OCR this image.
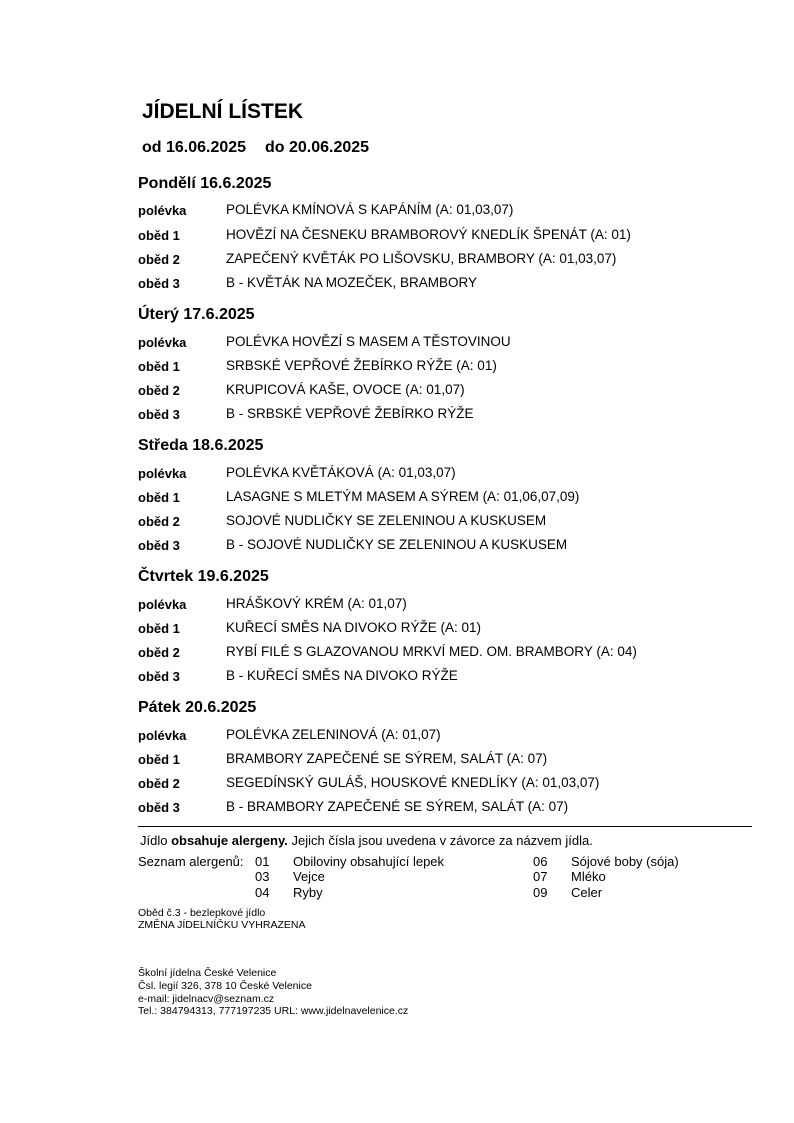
JÍDELNÍ LÍSTEK
od 16.06.2025 do 20.06.2025
Pondělí 16.6.2025
polévka	POLÉVKA KMÍNOVÁ S KAPÁNÍM (A: 01,03,07)
oběd 1	HOVĚZÍ NA ČESNEKU BRAMBOROVÝ KNEDLÍK ŠPENÁT (A: 01)
oběd 2	ZAPEČENÝ KVĚTÁK PO LIŠOVSKU, BRAMBORY (A: 01,03,07)
oběd 3	B - KVĚTÁK NA MOZEČEK, BRAMBORY
Úterý 17.6.2025
polévka	POLÉVKA HOVĚZÍ S MASEM A TĚSTOVINOU
oběd 1	SRBSKÉ VEPŘOVÉ ŽEBÍRKO RÝŽE (A: 01)
oběd 2	KRUPICOVÁ KAŠE, OVOCE (A: 01,07)
oběd 3	B - SRBSKÉ VEPŘOVÉ ŽEBÍRKO RÝŽE
Středa 18.6.2025
polévka	POLÉVKA KVĚTÁKOVÁ (A: 01,03,07)
oběd 1	LASAGNE S MLETÝM MASEM A SÝREM (A: 01,06,07,09)
oběd 2	SOJOVÉ NUDLIČKY SE ZELENINOU A KUSKUSEM
oběd 3	B - SOJOVÉ NUDLIČKY SE ZELENINOU A KUSKUSEM
Čtvrtek 19.6.2025
polévka	HRÁŠKOVÝ KRÉM (A: 01,07)
oběd 1	KUŘECÍ SMĚS NA DIVOKO RÝŽE (A: 01)
oběd 2	RYBÍ FILÉ S GLAZOVANOU MRKVÍ MED. OM. BRAMBORY (A: 04)
oběd 3	B - KUŘECÍ SMĚS NA DIVOKO RÝŽE
Pátek 20.6.2025
polévka	POLÉVKA ZELENINOVÁ (A: 01,07)
oběd 1	BRAMBORY ZAPEČENÉ SE SÝREM, SALÁT (A: 07)
oběd 2	SEGEDÍNSKÝ GULÁŠ, HOUSKOVÉ KNEDLÍKY (A: 01,03,07)
oběd 3	B - BRAMBORY ZAPEČENÉ SE SÝREM, SALÁT (A: 07)
Jídlo obsahuje alergeny. Jejich čísla jsou uvedena v závorce za názvem jídla.
Seznam alergenů: 01 Obiloviny obsahující lepek
03 Vejce
04 Ryby
06 Sójové boby (sója)
07 Mléko
09 Celer
Oběd č.3 - bezlepkové jídlo
ZMĚNA JÍDELNÍČKU VYHRAZENA
Školní jídelna České Velenice
Čsl. legií 326, 378 10 České Velenice
e-mail: jidelnacv@seznam.cz
Tel.: 384794313, 777197235 URL: www.jidelnavelenice.cz
